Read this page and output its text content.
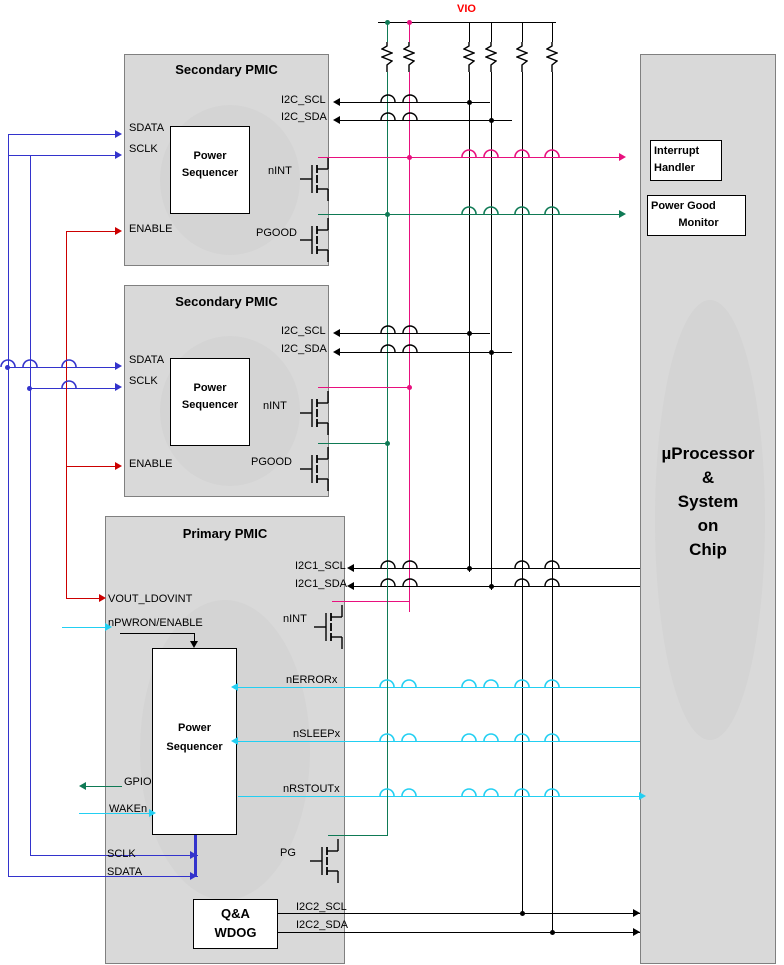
Secondary PMIC
Power
Sequencer
Secondary PMIC
Power
Sequencer
Primary PMIC
Power
Sequencer
Q&A
WDOG
µProcessor
&
System
on
Chip
Interrupt
Handler
Power Good
Monitor
VIO
I2C_SCL
I2C_SDA
nINT
PGOOD
SDATA
SCLK
ENABLE
I2C_SCL
I2C_SDA
nINT
PGOOD
SDATA
SCLK
ENABLE
VOUT_LDOVINT
nPWRON/ENABLE
GPIO
WAKEn
SCLK
SDATA
I2C1_SCL
I2C1_SDA
nINT
nERRORx
nSLEEPx
nRSTOUTx
PG
I2C2_SCL
I2C2_SDA
